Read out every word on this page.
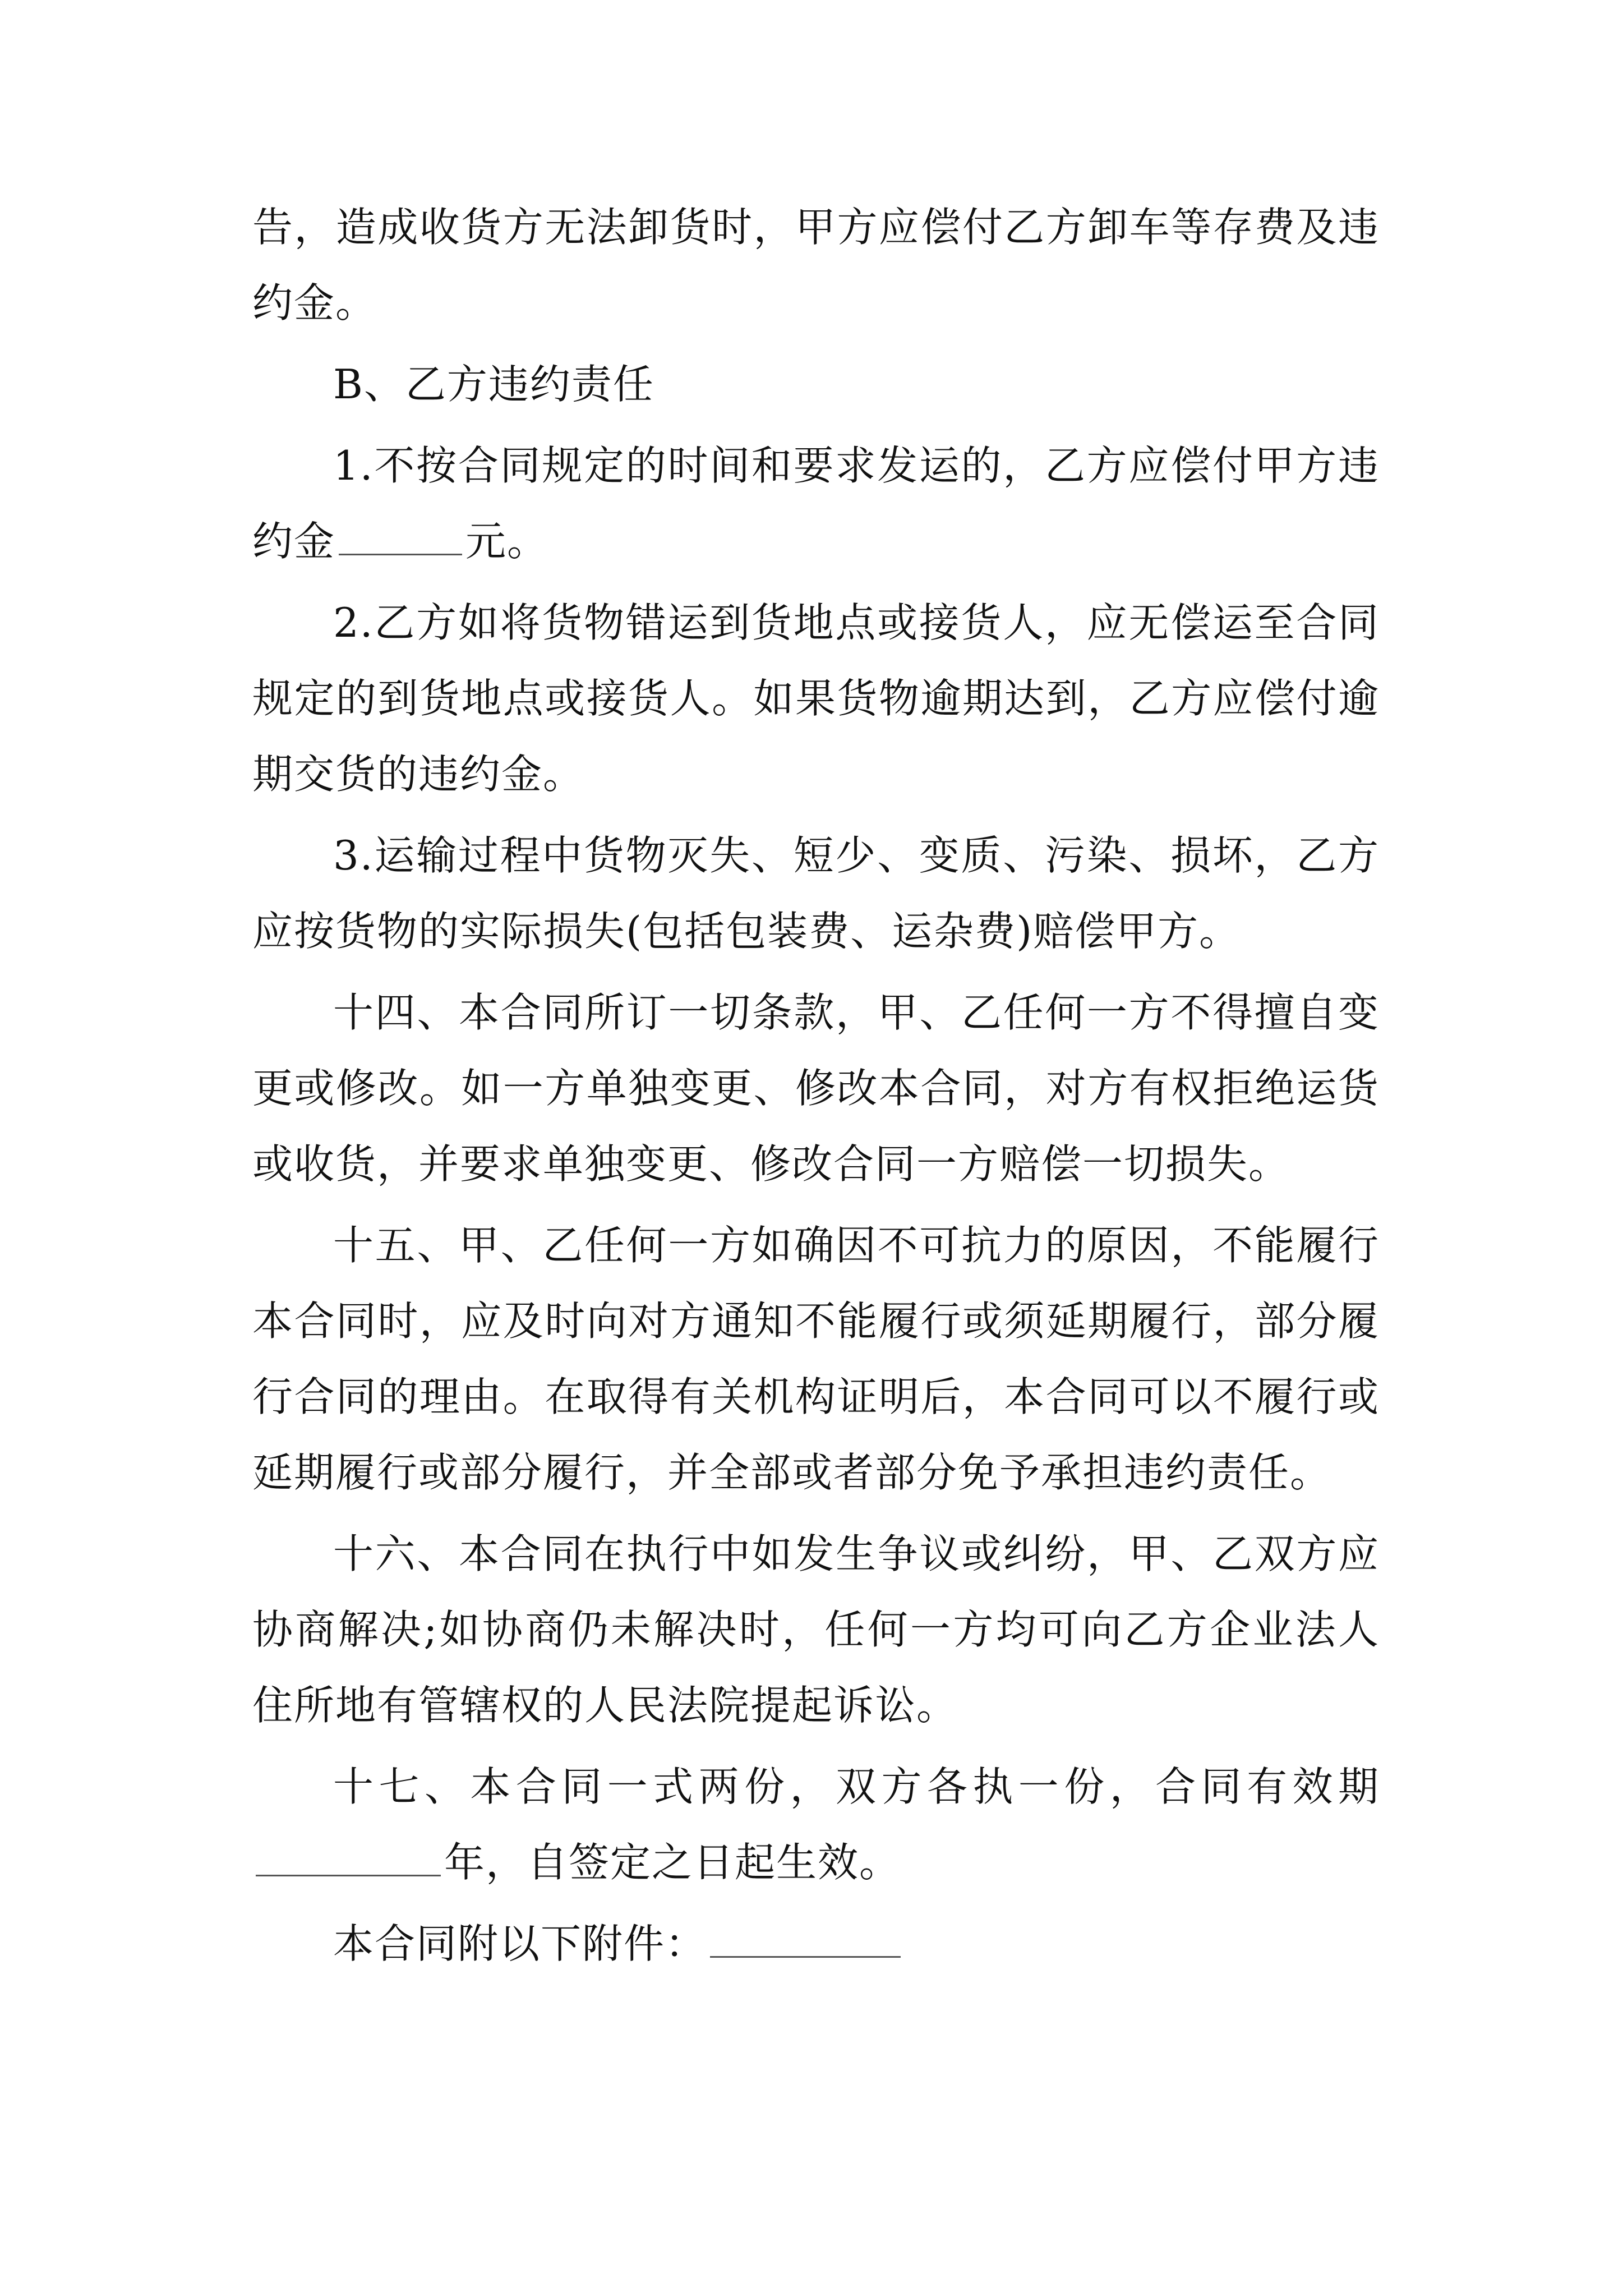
告，造成收货方无法卸货时，甲方应偿付乙方卸车等存费及违约金。

B、乙方违约责任

1.不按合同规定的时间和要求发运的，乙方应偿付甲方违约金	元。

2.乙方如将货物错运到货地点或接货人，应无偿运至合同规定的到货地点或接货人。如果货物逾期达到，乙方应偿付逾期交货的违约金。

3.运输过程中货物灭失、短少、变质、污染、损坏，乙方应按货物的实际损失(包括包装费、运杂费)赔偿甲方。

十四、本合同所订一切条款，甲、乙任何一方不得擅自变更或修改。如一方单独变更、修改本合同，对方有权拒绝运货或收货，并要求单独变更、修改合同一方赔偿一切损失。

十五、甲、乙任何一方如确因不可抗力的原因，不能履行本合同时，应及时向对方通知不能履行或须延期履行，部分履行合同的理由。在取得有关机构证明后，本合同可以不履行或延期履行或部分履行，并全部或者部分免予承担违约责任。

十六、本合同在执行中如发生争议或纠纷，甲、乙双方应协商解决;如协商仍未解决时，任何一方均可向乙方企业法人住所地有管辖权的人民法院提起诉讼。

十七、本合同一式两份，双方各执一份，合同有效期年，自签定之日起生效。

本合同附以下附件：
